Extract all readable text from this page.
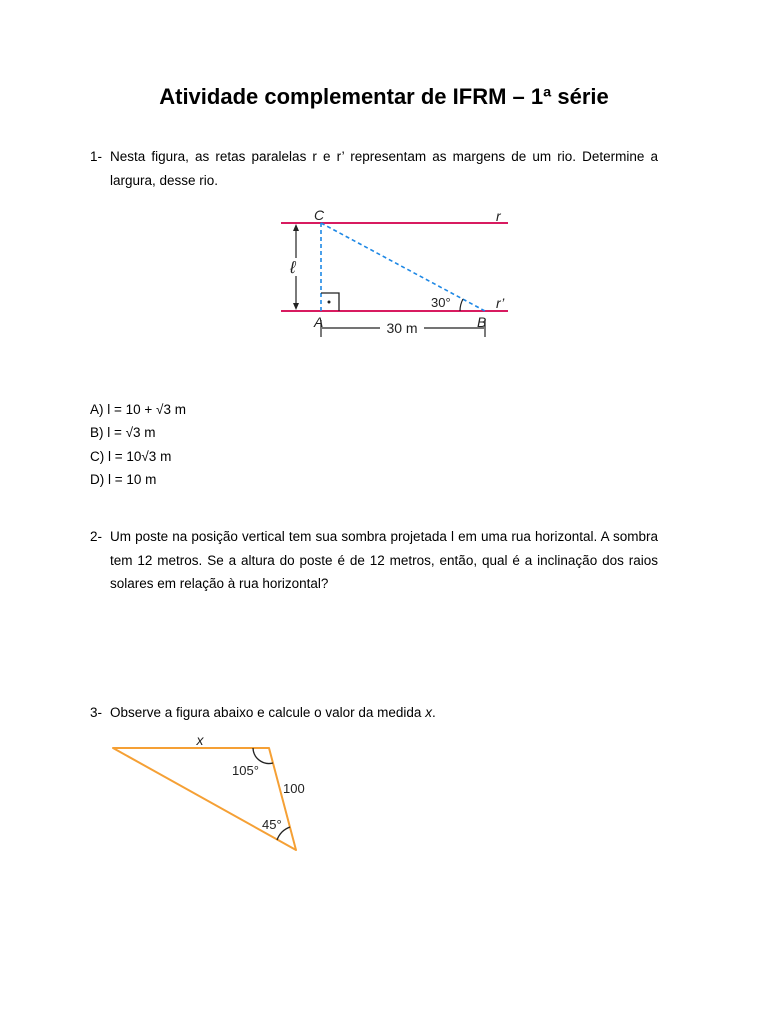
Atividade complementar de IFRM – 1ª série
1- Nesta figura, as retas paralelas r e r’ representam as margens de um rio. Determine a largura, desse rio.
C	r
ℓ
30°	r’
A	B
30 m
A) l = 10 + √3 m
B) l = √3 m
C) l = 10√3 m
D) l = 10 m
2- Um poste na posição vertical tem sua sombra projetada l em uma rua horizontal. A sombra tem 12 metros. Se a altura do poste é de 12 metros, então, qual é a inclinação dos raios solares em relação à rua horizontal?
3- Observe a figura abaixo e calcule o valor da medida x.
x
105°
100
45°
